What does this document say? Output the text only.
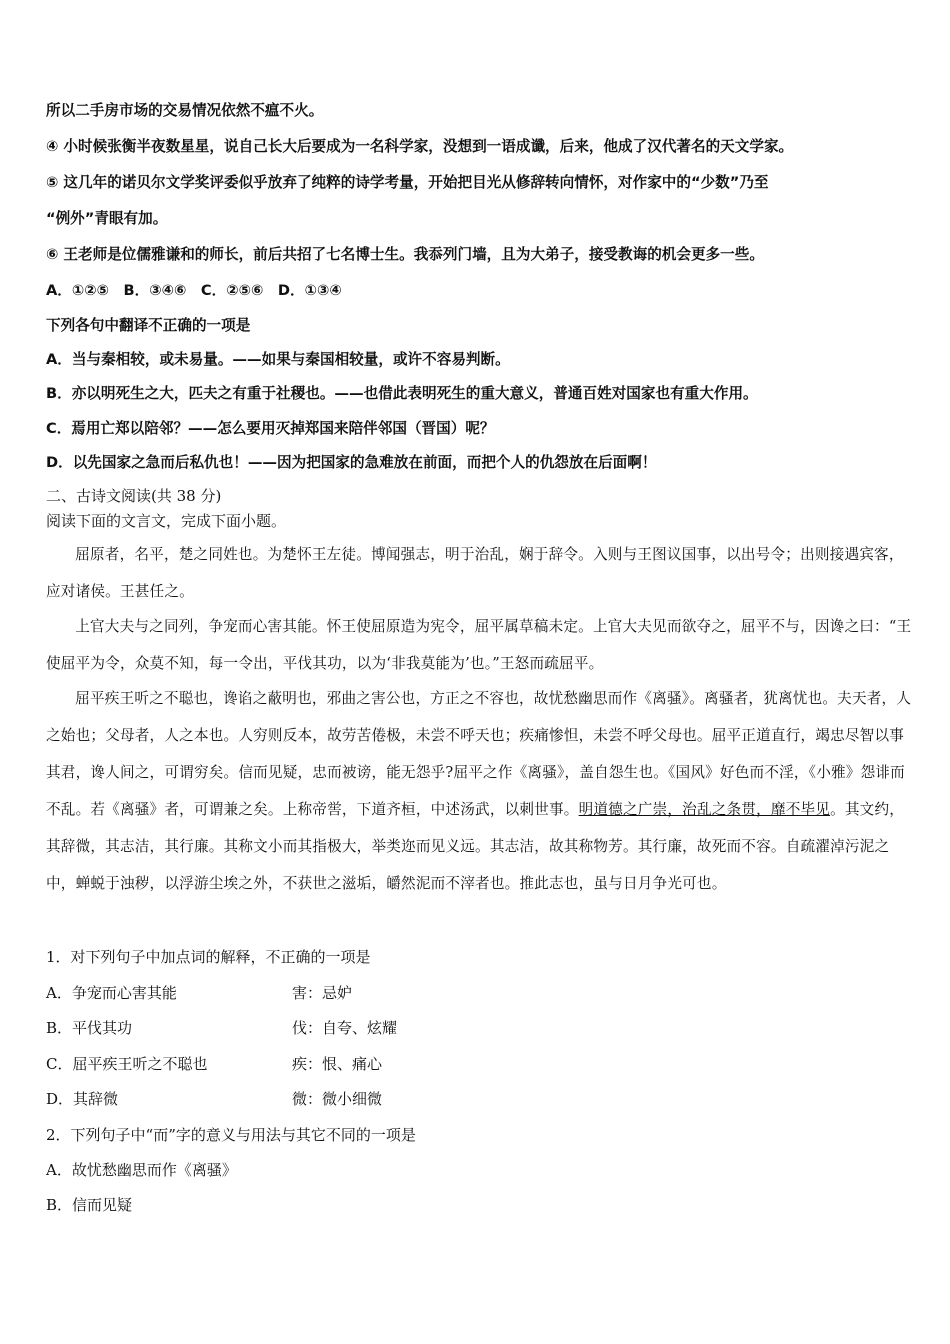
所以二手房市场的交易情况依然不瘟不火。
④ 小时候张衡半夜数星星，说自己长大后要成为一名科学家，没想到一语成谶，后来，他成了汉代著名的天文学家。
⑤ 这几年的诺贝尔文学奖评委似乎放弃了纯粹的诗学考量，开始把目光从修辞转向情怀，对作家中的“少数”乃至
“例外”青眼有加。
⑥ 王老师是位儒雅谦和的师长，前后共招了七名博士生。我忝列门墙，且为大弟子，接受教诲的机会更多一些。
A．①②⑤　B．③④⑥　C．②⑤⑥　D．①③④
下列各句中翻译不正确的一项是
A．当与秦相较，或未易量。——如果与秦国相较量，或许不容易判断。
B．亦以明死生之大，匹夫之有重于社稷也。——也借此表明死生的重大意义，普通百姓对国家也有重大作用。
C．焉用亡郑以陪邻？——怎么要用灭掉郑国来陪伴邻国（晋国）呢？
D．以先国家之急而后私仇也！——因为把国家的急难放在前面，而把个人的仇怨放在后面啊！
二、古诗文阅读(共 38 分)
阅读下面的文言文，完成下面小题。

屈原者，名平，楚之同姓也。为楚怀王左徒。博闻强志，明于治乱，娴于辞令。入则与王图议国事，以出号令；出则接遇宾客，应对诸侯。王甚任之。

上官大夫与之同列，争宠而心害其能。怀王使屈原造为宪令，屈平属草稿未定。上官大夫见而欲夺之，屈平不与，因谗之曰：“王使屈平为令，众莫不知，每一令出，平伐其功，以为‘非我莫能为’也。”王怒而疏屈平。

屈平疾王听之不聪也，谗谄之蔽明也，邪曲之害公也，方正之不容也，故忧愁幽思而作《离骚》。离骚者，犹离忧也。夫天者，人之始也；父母者，人之本也。人穷则反本，故劳苦倦极，未尝不呼天也；疾痛惨怛，未尝不呼父母也。屈平正道直行，竭忠尽智以事其君，谗人间之，可谓穷矣。信而见疑，忠而被谤，能无怨乎?屈平之作《离骚》，盖自怨生也。《国风》好色而不淫，《小雅》怨诽而不乱。若《离骚》者，可谓兼之矣。上称帝喾，下道齐桓，中述汤武，以刺世事。明道德之广崇，治乱之条贯，靡不毕见。其文约，其辞微，其志洁，其行廉。其称文小而其指极大，举类迩而见义远。其志洁，故其称物芳。其行廉，故死而不容。自疏濯淖污泥之中，蝉蜕于浊秽，以浮游尘埃之外，不获世之滋垢，皭然泥而不滓者也。推此志也，虽与日月争光可也。

1．对下列句子中加点词的解释，不正确的一项是
A．争宠而心害其能	害：忌妒
B．平伐其功	伐：自夸、炫耀
C．屈平疾王听之不聪也	疾：恨、痛心
D．其辞微	微：微小细微
2．下列句子中“而”字的意义与用法与其它不同的一项是
A．故忧愁幽思而作《离骚》
B．信而见疑
